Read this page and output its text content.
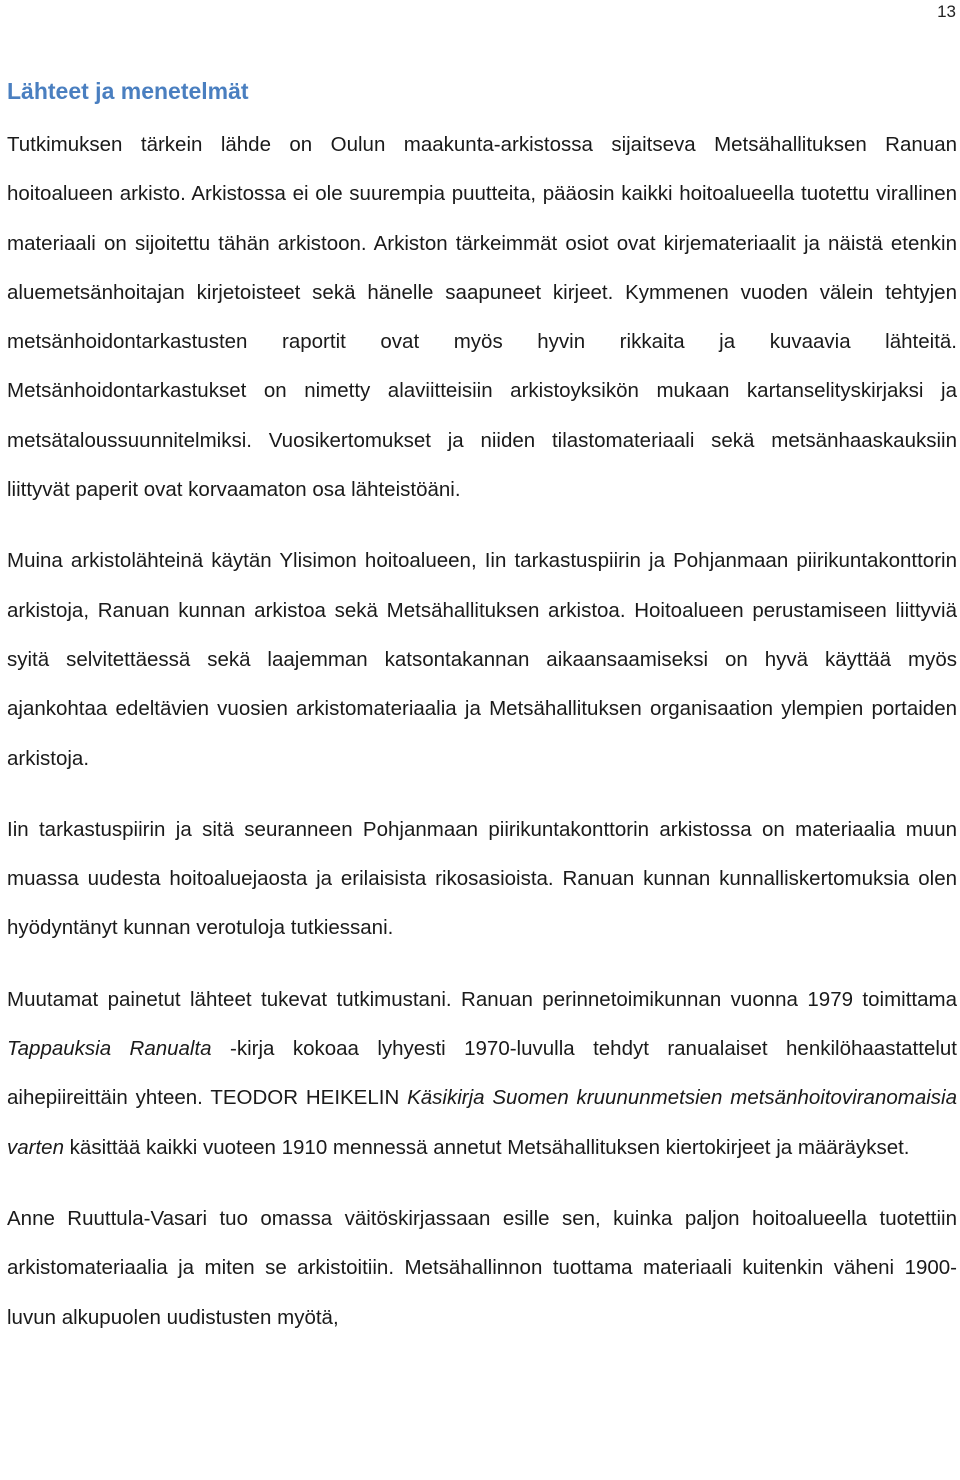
13
Lähteet ja menetelmät

Tutkimuksen tärkein lähde on Oulun maakunta-arkistossa sijaitseva Metsähallituksen Ranuan hoitoalueen arkisto. Arkistossa ei ole suurempia puutteita, pääosin kaikki hoitoalueella tuotettu virallinen materiaali on sijoitettu tähän arkistoon. Arkiston tärkeimmät osiot ovat kirjemateriaalit ja näistä etenkin aluemetsänhoitajan kirjetoisteet sekä hänelle saapuneet kirjeet. Kymmenen vuoden välein tehtyjen metsänhoidontarkastusten raportit ovat myös hyvin rikkaita ja kuvaavia lähteitä. Metsänhoidontarkastukset on nimetty alaviitteisiin arkistoyksikön mukaan kartanselityskirjaksi ja metsätaloussuunnitelmiksi. Vuosikertomukset ja niiden tilastomateriaali sekä metsänhaaskauksiin liittyvät paperit ovat korvaamaton osa lähteistöäni.

Muina arkistolähteinä käytän Ylisimon hoitoalueen, Iin tarkastuspiirin ja Pohjanmaan piirikuntakonttorin arkistoja, Ranuan kunnan arkistoa sekä Metsähallituksen arkistoa. Hoitoalueen perustamiseen liittyviä syitä selvitettäessä sekä laajemman katsontakannan aikaansaamiseksi on hyvä käyttää myös ajankohtaa edeltävien vuosien arkistomateriaalia ja Metsähallituksen organisaation ylempien portaiden arkistoja.

Iin tarkastuspiirin ja sitä seuranneen Pohjanmaan piirikuntakonttorin arkistossa on materiaalia muun muassa uudesta hoitoaluejaosta ja erilaisista rikosasioista. Ranuan kunnan kunnalliskertomuksia olen hyödyntänyt kunnan verotuloja tutkiessani.

Muutamat painetut lähteet tukevat tutkimustani. Ranuan perinnetoimikunnan vuonna 1979 toimittama Tappauksia Ranualta -kirja kokoaa lyhyesti 1970-luvulla tehdyt ranualaiset henkilöhaastattelut aihepiireittäin yhteen. TEODOR HEIKELIN Käsikirja Suomen kruununmetsien metsänhoitoviranomaisia varten käsittää kaikki vuoteen 1910 mennessä annetut Metsähallituksen kiertokirjeet ja määräykset.

Anne Ruuttula-Vasari tuo omassa väitöskirjassaan esille sen, kuinka paljon hoitoalueella tuotettiin arkistomateriaalia ja miten se arkistoitiin. Metsähallinnon tuottama materiaali kuitenkin väheni 1900-luvun alkupuolen uudistusten myötä,
